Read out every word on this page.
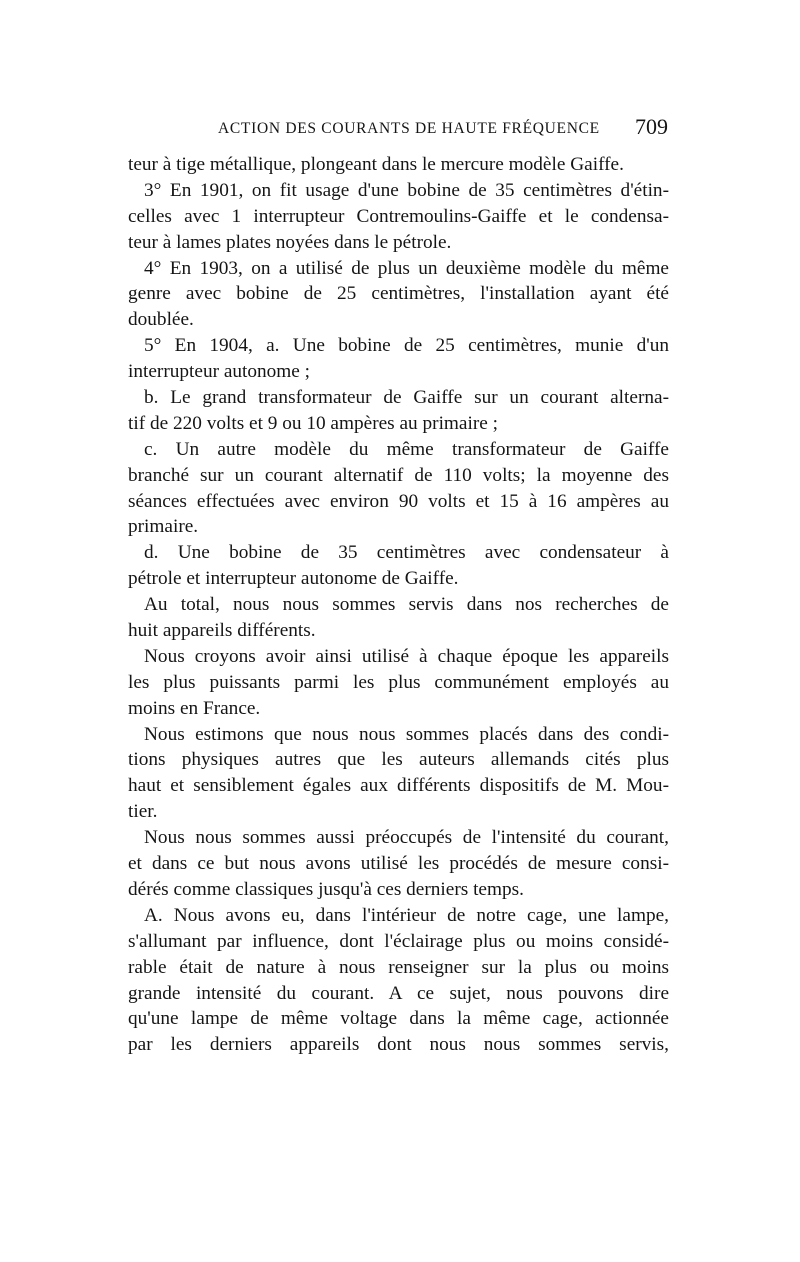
ACTION DES COURANTS DE HAUTE FRÉQUENCE 709
teur à tige métallique, plongeant dans le mercure modèle Gaiffe.
3° En 1901, on fit usage d'une bobine de 35 centimètres d'étin-
celles avec 1 interrupteur Contremoulins-Gaiffe et le condensa-
teur à lames plates noyées dans le pétrole.
4° En 1903, on a utilisé de plus un deuxième modèle du même
genre avec bobine de 25 centimètres, l'installation ayant été
doublée.
5° En 1904, a. Une bobine de 25 centimètres, munie d'un
interrupteur autonome ;
b. Le grand transformateur de Gaiffe sur un courant alterna-
tif de 220 volts et 9 ou 10 ampères au primaire ;
c. Un autre modèle du même transformateur de Gaiffe
branché sur un courant alternatif de 110 volts; la moyenne des
séances effectuées avec environ 90 volts et 15 à 16 ampères au
primaire.
d. Une bobine de 35 centimètres avec condensateur à
pétrole et interrupteur autonome de Gaiffe.
Au total, nous nous sommes servis dans nos recherches de
huit appareils différents.
Nous croyons avoir ainsi utilisé à chaque époque les appareils
les plus puissants parmi les plus communément employés au
moins en France.
Nous estimons que nous nous sommes placés dans des condi-
tions physiques autres que les auteurs allemands cités plus
haut et sensiblement égales aux différents dispositifs de M. Mou-
tier.
Nous nous sommes aussi préoccupés de l'intensité du courant,
et dans ce but nous avons utilisé les procédés de mesure consi-
dérés comme classiques jusqu'à ces derniers temps.
A. Nous avons eu, dans l'intérieur de notre cage, une lampe,
s'allumant par influence, dont l'éclairage plus ou moins considé-
rable était de nature à nous renseigner sur la plus ou moins
grande intensité du courant. A ce sujet, nous pouvons dire
qu'une lampe de même voltage dans la même cage, actionnée
par les derniers appareils dont nous nous sommes servis,
